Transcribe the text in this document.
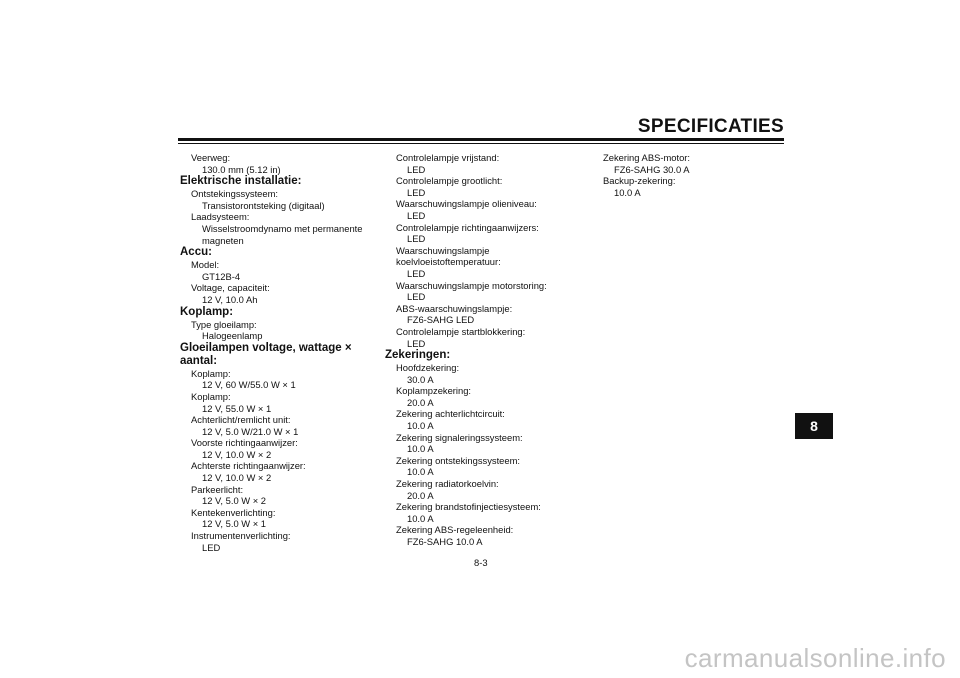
SPECIFICATIES
Veerweg:
130.0 mm (5.12 in)
Elektrische installatie:
Ontstekingssysteem:
Transistorontsteking (digitaal)
Laadsysteem:
Wisselstroomdynamo met permanente
magneten
Accu:
Model:
GT12B-4
Voltage, capaciteit:
12 V, 10.0 Ah
Koplamp:
Type gloeilamp:
Halogeenlamp
Gloeilampen voltage, wattage × aantal:
Koplamp:
12 V, 60 W/55.0 W × 1
Koplamp:
12 V, 55.0 W × 1
Achterlicht/remlicht unit:
12 V, 5.0 W/21.0 W × 1
Voorste richtingaanwijzer:
12 V, 10.0 W × 2
Achterste richtingaanwijzer:
12 V, 10.0 W × 2
Parkeerlicht:
12 V, 5.0 W × 2
Kentekenverlichting:
12 V, 5.0 W × 1
Instrumentenverlichting:
LED
Controlelampje vrijstand:
LED
Controlelampje grootlicht:
LED
Waarschuwingslampje olieniveau:
LED
Controlelampje richtingaanwijzers:
LED
Waarschuwingslampje
koelvloeistoftemperatuur:
LED
Waarschuwingslampje motorstoring:
LED
ABS-waarschuwingslampje:
FZ6-SAHG LED
Controlelampje startblokkering:
LED
Zekeringen:
Hoofdzekering:
30.0 A
Koplampzekering:
20.0 A
Zekering achterlichtcircuit:
10.0 A
Zekering signaleringssysteem:
10.0 A
Zekering ontstekingssysteem:
10.0 A
Zekering radiatorkoelvin:
20.0 A
Zekering brandstofinjectiesysteem:
10.0 A
Zekering ABS-regeleenheid:
FZ6-SAHG 10.0 A
Zekering ABS-motor:
FZ6-SAHG 30.0 A
Backup-zekering:
10.0 A
8
8-3
carmanualsonline.info
